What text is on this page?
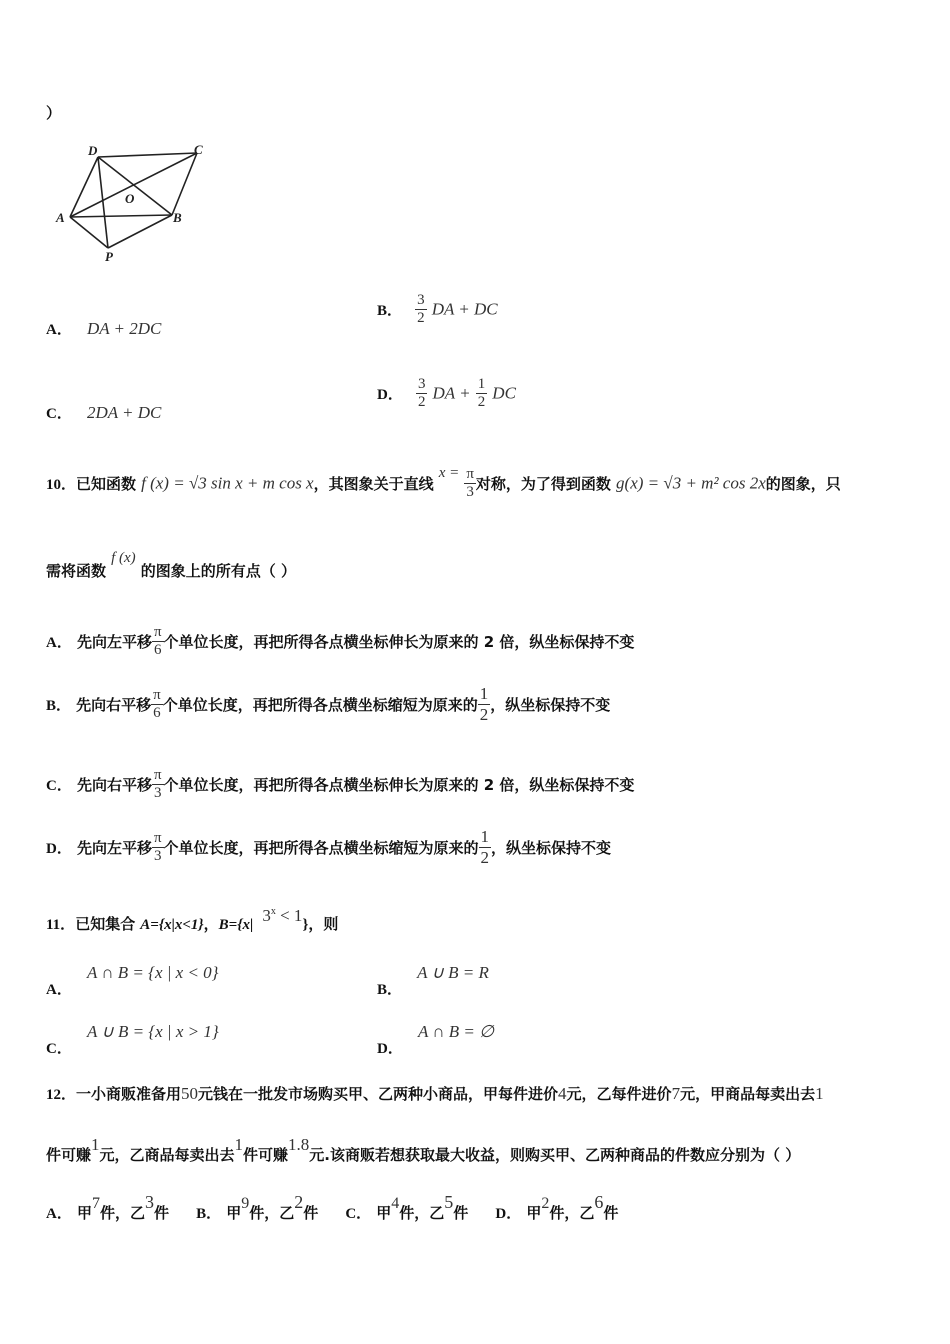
）
D	C
O
A	B
P
A． DA + 2DC
B． $\frac{3}{2}$ DA + DC
C． 2DA + DC
D． $\frac{3}{2}$ DA + $\frac{1}{2}$ DC
10．已知函数 f (x) = √3 sin x + m cos x，其图象关于直线 $x = \frac{\pi}{3}$ 对称，为了得到函数 g(x) = √3 + m² cos 2x的图象，只
需将函数 f (x) 的图象上的所有点（ ）
A． 先向左平移 $\frac{\pi}{6}$ 个单位长度，再把所得各点横坐标伸长为原来的 2 倍，纵坐标保持不变
B． 先向右平移 $\frac{\pi}{6}$ 个单位长度，再把所得各点横坐标缩短为原来的 $\frac{1}{2}$ ，纵坐标保持不变
C． 先向右平移 $\frac{\pi}{3}$ 个单位长度，再把所得各点横坐标伸长为原来的 2 倍，纵坐标保持不变
D． 先向左平移 $\frac{\pi}{3}$ 个单位长度，再把所得各点横坐标缩短为原来的 $\frac{1}{2}$ ，纵坐标保持不变
11．已知集合 A={x|x<1}，B={x| $3^x < 1$}，则
A． A ∩ B = {x | x < 0}
B． A ∪ B = R
C． A ∪ B = {x | x > 1}
D． A ∩ B = ∅
12．一小商贩准备用50元钱在一批发市场购买甲、乙两种小商品，甲每件进价4元，乙每件进价7元，甲商品每卖出去1
件可赚1元，乙商品每卖出去1件可赚1.8元.该商贩若想获取最大收益，则购买甲、乙两种商品的件数应分别为（ ）
A． 甲7件，乙3件 B． 甲9件，乙2件 C． 甲4件，乙5件 D． 甲2件，乙6件
